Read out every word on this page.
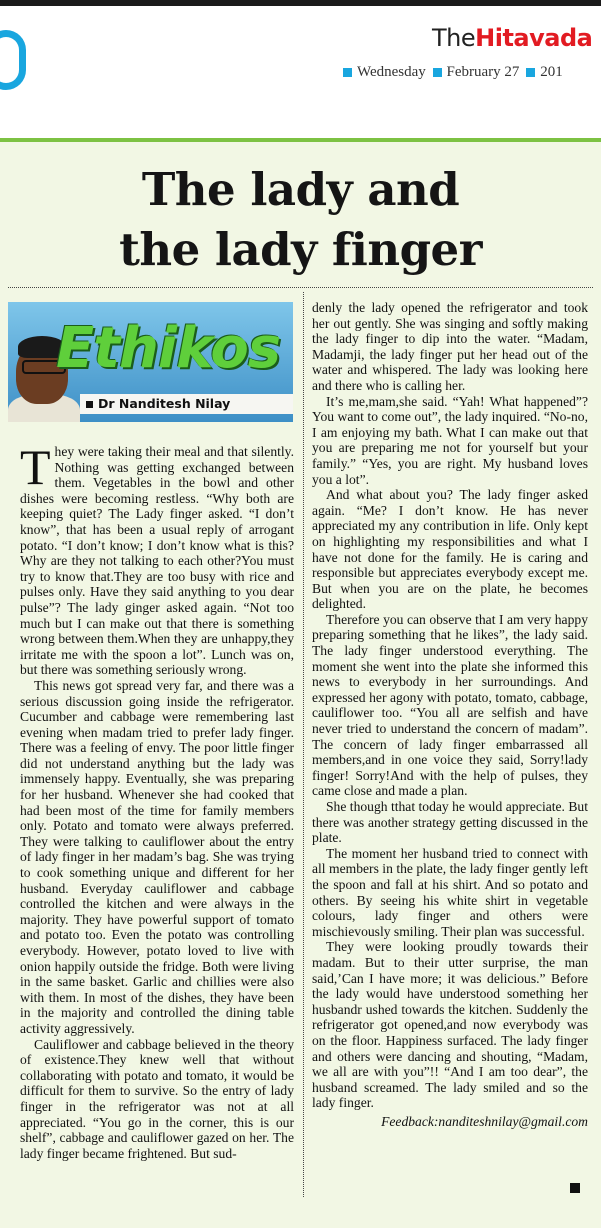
TheHitavada
Wednesday February 27 201
The lady and
the lady finger
Ethikos
Dr Nanditesh Nilay

They were taking their meal and that silently. Nothing was getting exchanged between them. Vegetables in the bowl and other dishes were becoming restless. “Why both are keeping quiet? The Lady finger asked. “I don’t know”, that has been a usual reply of arrogant potato. “I don’t know; I don’t know what is this? Why are they not talking to each other?You must try to know that.They are too busy with rice and pulses only. Have they said anything to you dear pulse”? The lady ginger asked again. “Not too much but I can make out that there is something wrong between them.When they are unhappy,they irritate me with the spoon a lot”. Lunch was on, but there was something seriously wrong.

This news got spread very far, and there was a serious discussion going inside the refrigerator. Cucumber and cabbage were remembering last evening when madam tried to prefer lady finger. There was a feeling of envy. The poor little finger did not understand anything but the lady was immensely happy. Eventually, she was preparing for her husband. Whenever she had cooked that had been most of the time for family members only. Potato and tomato were always preferred. They were talking to cauliflower about the entry of lady finger in her madam’s bag. She was trying to cook something unique and different for her husband. Everyday cauliflower and cabbage controlled the kitchen and were always in the majority. They have powerful support of tomato and potato too. Even the potato was controlling everybody. However, potato loved to live with onion happily outside the fridge. Both were living in the same basket. Garlic and chillies were also with them. In most of the dishes, they have been in the majority and controlled the dining table activity aggressively.

Cauliflower and cabbage believed in the theory of existence.They knew well that without collaborating with potato and tomato, it would be difficult for them to survive. So the entry of lady finger in the refrigerator was not at all appreciated. “You go in the corner, this is our shelf”, cabbage and cauliflower gazed on her. The lady finger became frightened. But sud-

denly the lady opened the refrigerator and took her out gently. She was singing and softly making the lady finger to dip into the water. “Madam, Madamji, the lady finger put her head out of the water and whispered. The lady was looking here and there who is calling her.

It’s me,mam,she said. “Yah! What happened”? You want to come out”, the lady inquired. “No-no, I am enjoying my bath. What I can make out that you are preparing me not for yourself but your family.” “Yes, you are right. My husband loves you a lot”.

And what about you? The lady finger asked again. “Me? I don’t know. He has never appreciated my any contribution in life. Only kept on highlighting my responsibilities and what I have not done for the family. He is caring and responsible but appreciates everybody except me. But when you are on the plate, he becomes delighted.

Therefore you can observe that I am very happy preparing something that he likes”, the lady said. The lady finger understood everything. The moment she went into the plate she informed this news to everybody in her surroundings. And expressed her agony with potato, tomato, cabbage, cauliflower too. “You all are selfish and have never tried to understand the concern of madam”. The concern of lady finger embarrassed all members,and in one voice they said, Sorry!lady finger! Sorry!And with the help of pulses, they came close and made a plan.

She though tthat today he would appreciate. But there was another strategy getting discussed in the plate.

The moment her husband tried to connect with all members in the plate, the lady finger gently left the spoon and fall at his shirt. And so potato and others. By seeing his white shirt in vegetable colours, lady finger and others were mischievously smiling. Their plan was successful.

They were looking proudly towards their madam. But to their utter surprise, the man said,’Can I have more; it was delicious.” Before the lady would have understood something her husbandr ushed towards the kitchen. Suddenly the refrigerator got opened,and now everybody was on the floor. Happiness surfaced. The lady finger and others were dancing and shouting, “Madam, we all are with you”!! “And I am too dear”, the husband screamed. The lady smiled and so the lady finger.

Feedback:nanditeshnilay@gmail.com
